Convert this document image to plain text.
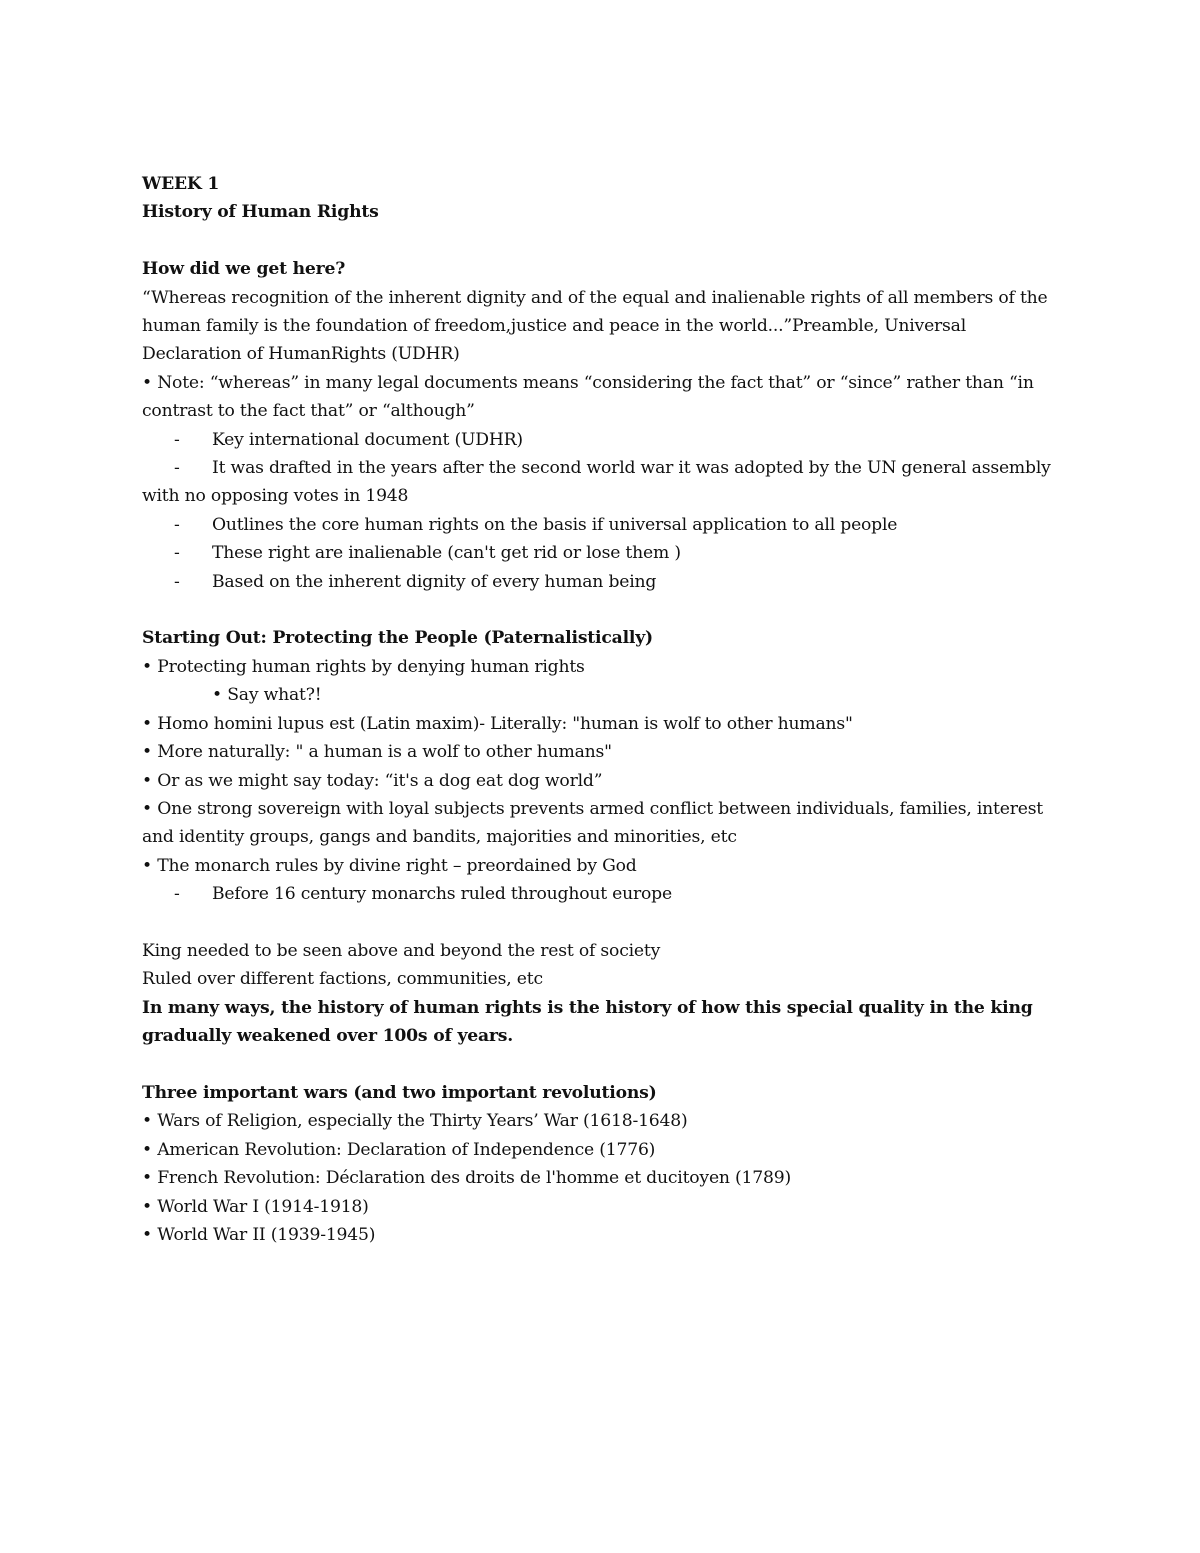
WEEK 1
History of Human Rights
How did we get here?
“Whereas recognition of the inherent dignity and of the equal and inalienable rights of all members of the
human family is the foundation of freedom,justice and peace in the world...”Preamble, Universal
Declaration of HumanRights (UDHR)
• Note: “whereas” in many legal documents means “considering the fact that” or “since” rather than “in
contrast to the fact that” or “although”
- Key international document (UDHR)
- It was drafted in the years after the second world war it was adopted by the UN general assembly
with no opposing votes in 1948
- Outlines the core human rights on the basis if universal application to all people
- These right are inalienable (can't get rid or lose them )
- Based on the inherent dignity of every human being
Starting Out: Protecting the People (Paternalistically)
• Protecting human rights by denying human rights
• Say what?!
• Homo homini lupus est (Latin maxim)- Literally: "human is wolf to other humans"
• More naturally: " a human is a wolf to other humans"
• Or as we might say today: “it's a dog eat dog world”
• One strong sovereign with loyal subjects prevents armed conflict between individuals, families, interest
and identity groups, gangs and bandits, majorities and minorities, etc
• The monarch rules by divine right – preordained by God
- Before 16 century monarchs ruled throughout europe
King needed to be seen above and beyond the rest of society
Ruled over different factions, communities, etc
In many ways, the history of human rights is the history of how this special quality in the king
gradually weakened over 100s of years.
Three important wars (and two important revolutions)
• Wars of Religion, especially the Thirty Years’ War (1618-1648)
• American Revolution: Declaration of Independence (1776)
• French Revolution: Déclaration des droits de l'homme et ducitoyen (1789)
• World War I (1914-1918)
• World War II (1939-1945)
